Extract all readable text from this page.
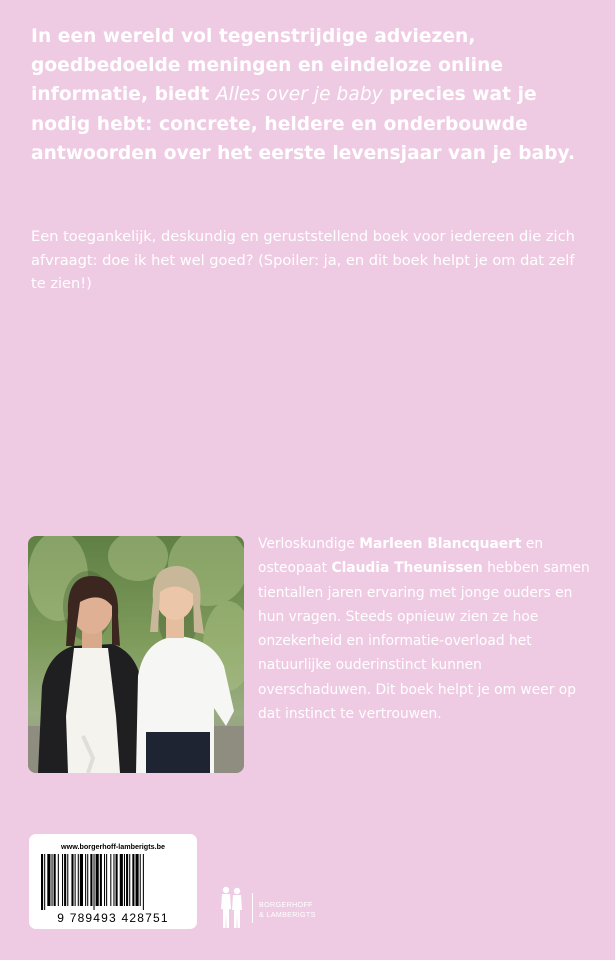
In een wereld vol tegenstrijdige adviezen, goedbedoelde meningen en eindeloze online informatie, biedt Alles over je baby precies wat je nodig hebt: concrete, heldere en onderbouwde antwoorden over het eerste levensjaar van je baby.

Een toegankelijk, deskundig en geruststellend boek voor iedereen die zich afvraagt: doe ik het wel goed? (Spoiler: ja, en dit boek helpt je om dat zelf te zien!)

Verloskundige Marleen Blancquaert en osteopaat Claudia Theunissen hebben samen tientallen jaren ervaring met jonge ouders en hun vragen. Steeds opnieuw zien ze hoe onzekerheid en informatie-overload het natuurlijke ouderinstinct kunnen overschaduwen. Dit boek helpt je om weer op dat instinct te vertrouwen.

www.borgerhoff-lamberigts.be
9 789493 428751
BORGERHOFF
& LAMBERIGTS
